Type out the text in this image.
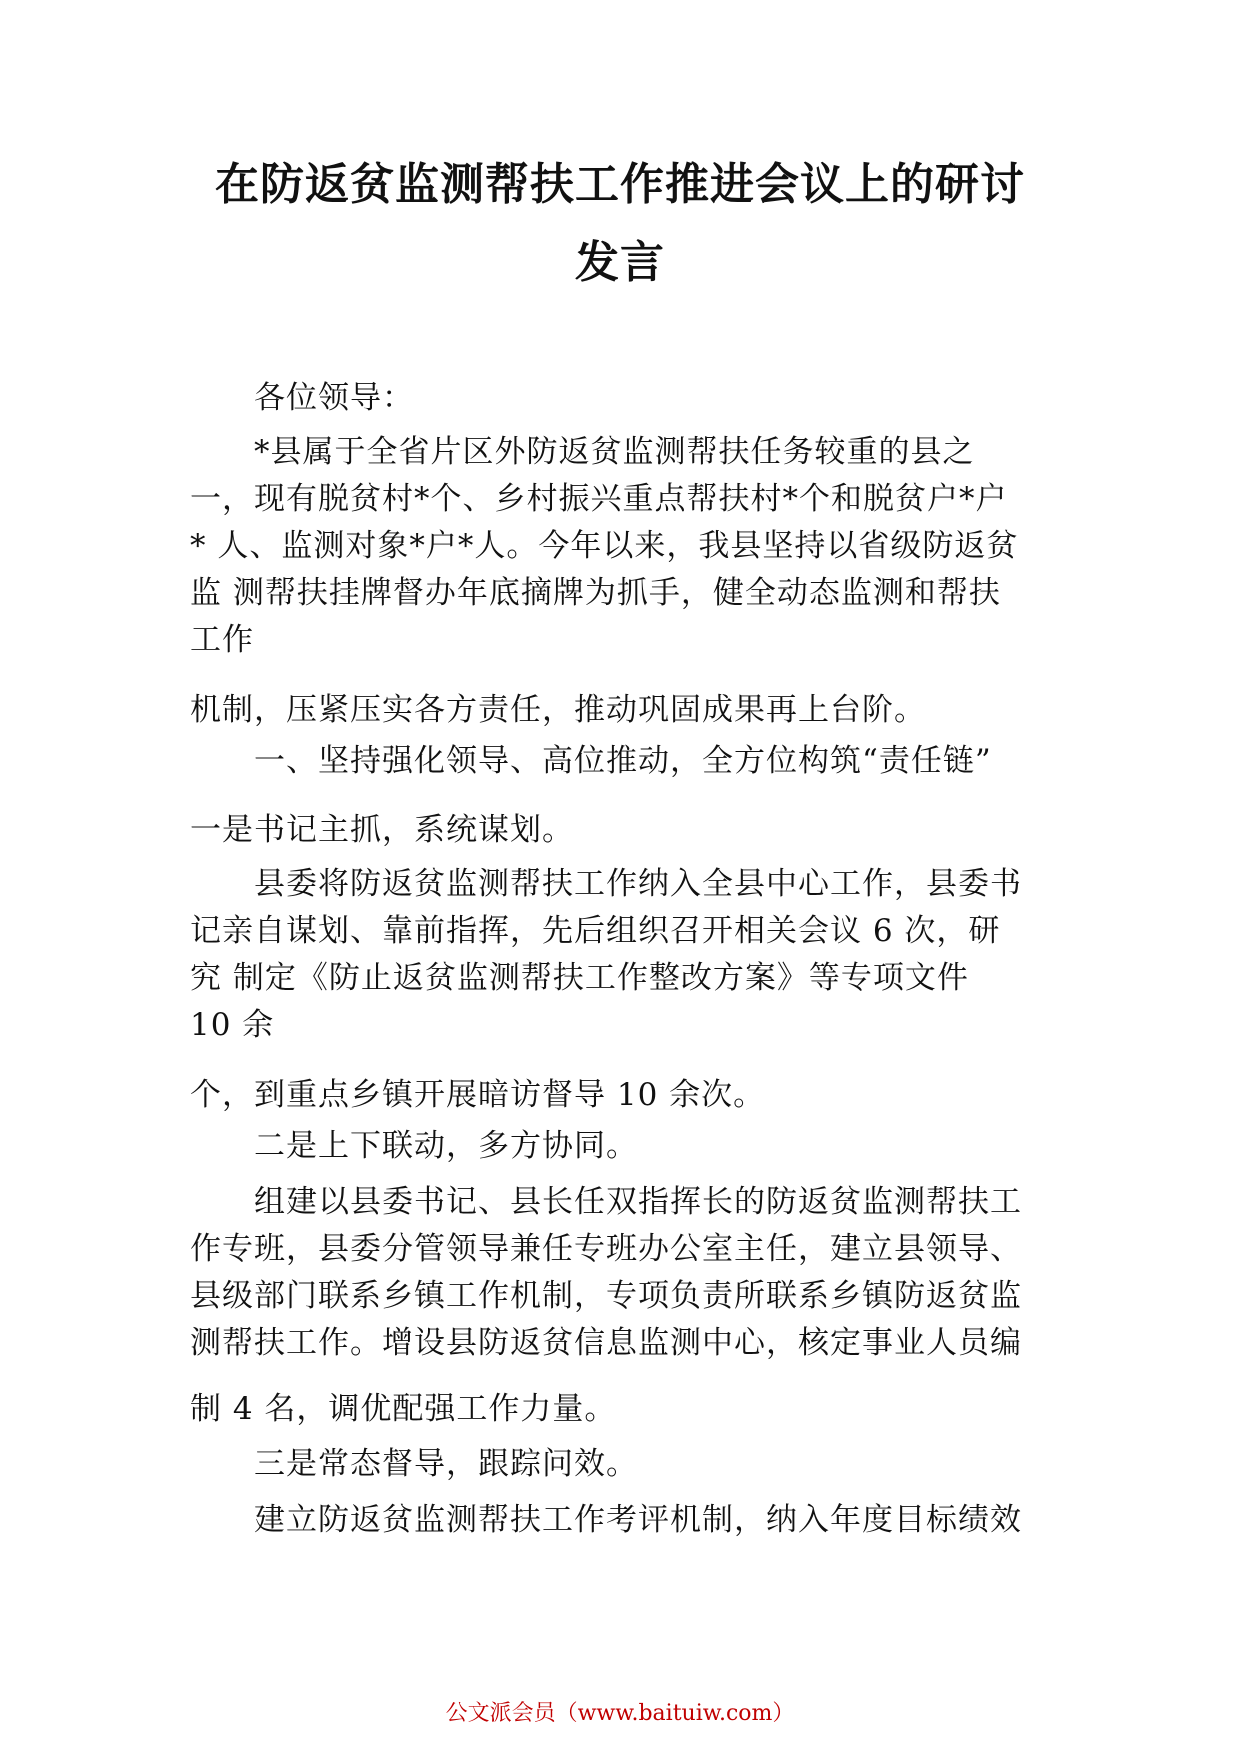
在防返贫监测帮扶工作推进会议上的研讨
发言
各位领导：
*县属于全省片区外防返贫监测帮扶任务较重的县之
一，现有脱贫村*个、乡村振兴重点帮扶村*个和脱贫户*户
* 人、监测对象*户*人。今年以来，我县坚持以省级防返贫
监 测帮扶挂牌督办年底摘牌为抓手，健全动态监测和帮扶
工作
机制，压紧压实各方责任，推动巩固成果再上台阶。
一、坚持强化领导、高位推动，全方位构筑“责任链”
一是书记主抓，系统谋划。
县委将防返贫监测帮扶工作纳入全县中心工作，县委书
记亲自谋划、靠前指挥，先后组织召开相关会议 6 次，研
究 制定《防止返贫监测帮扶工作整改方案》等专项文件
10 余
个，到重点乡镇开展暗访督导 10 余次。
二是上下联动，多方协同。
组建以县委书记、县长任双指挥长的防返贫监测帮扶工
作专班，县委分管领导兼任专班办公室主任，建立县领导、
县级部门联系乡镇工作机制，专项负责所联系乡镇防返贫监
测帮扶工作。增设县防返贫信息监测中心，核定事业人员编
制 4 名，调优配强工作力量。
三是常态督导，跟踪问效。
建立防返贫监测帮扶工作考评机制，纳入年度目标绩效
公文派会员（www.baituiw.com）
